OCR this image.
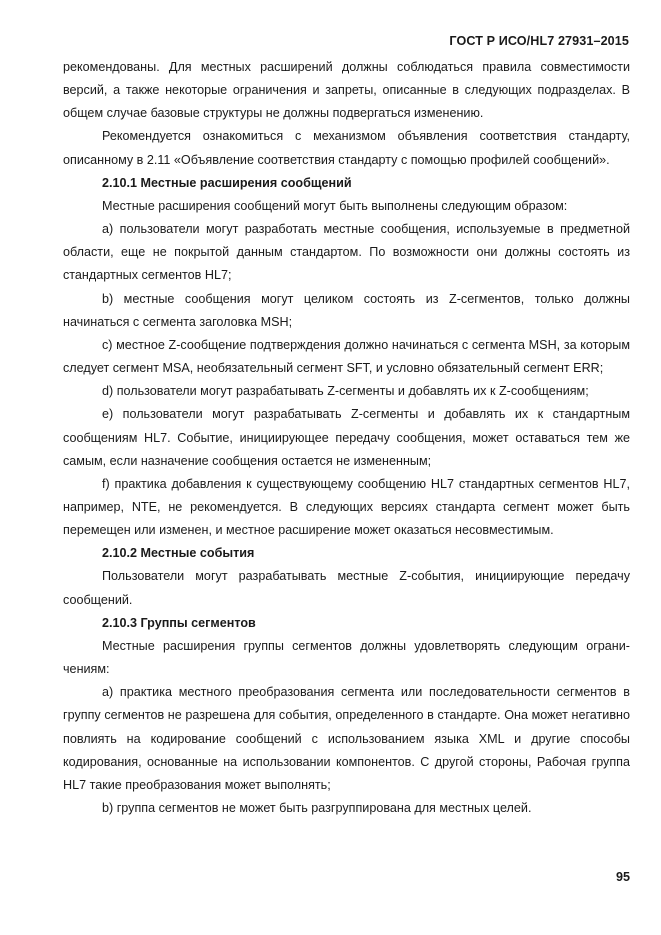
ГОСТ Р ИСО/HL7 27931–2015

рекомендованы. Для местных расширений должны соблюдаться правила совместимости версий, а также некоторые ограничения и запреты, описанные в следующих подразделах. В общем случае базовые структуры не должны подвергаться изменению.

Рекомендуется ознакомиться с механизмом объявления соответствия стандарту, описанному в 2.11 «Объявление соответствия стандарту с помощью профилей сообщений».

2.10.1 Местные расширения сообщений

Местные расширения сообщений могут быть выполнены следующим образом:

a) пользователи могут разработать местные сообщения, используемые в предметной области, еще не покрытой данным стандартом. По возможности они должны состоять из стандартных сегментов HL7;

b) местные сообщения могут целиком состоять из Z-сегментов, только должны начинаться с сегмента заголовка MSH;

c) местное Z-сообщение подтверждения должно начинаться с сегмента MSH, за которым следует сегмент MSA, необязательный сегмент SFT, и условно обязательный сегмент ERR;

d) пользователи могут разрабатывать Z-сегменты и добавлять их к Z-сообщениям;

e) пользователи могут разрабатывать Z-сегменты и добавлять их к стандартным сообщениям HL7. Событие, инициирующее передачу сообщения, может оставаться тем же самым, если назначение сообщения остается не измененным;

f) практика добавления к существующему сообщению HL7 стандартных сегментов HL7, например, NTE, не рекомендуется. В следующих версиях стандарта сегмент может быть перемещен или изменен, и местное расширение может оказаться несовместимым.

2.10.2 Местные события

Пользователи могут разрабатывать местные Z-события, инициирующие передачу сообщений.

2.10.3 Группы сегментов

Местные расширения группы сегментов должны удовлетворять следующим ограничениям:

a) практика местного преобразования сегмента или последовательности сегментов в группу сегментов не разрешена для события, определенного в стандарте. Она может негативно повлиять на кодирование сообщений с использованием языка XML и другие способы кодирования, основанные на использовании компонентов. С другой стороны, Рабочая группа HL7 такие преобразования может выполнять;

b) группа сегментов не может быть разгруппирована для местных целей.

95
